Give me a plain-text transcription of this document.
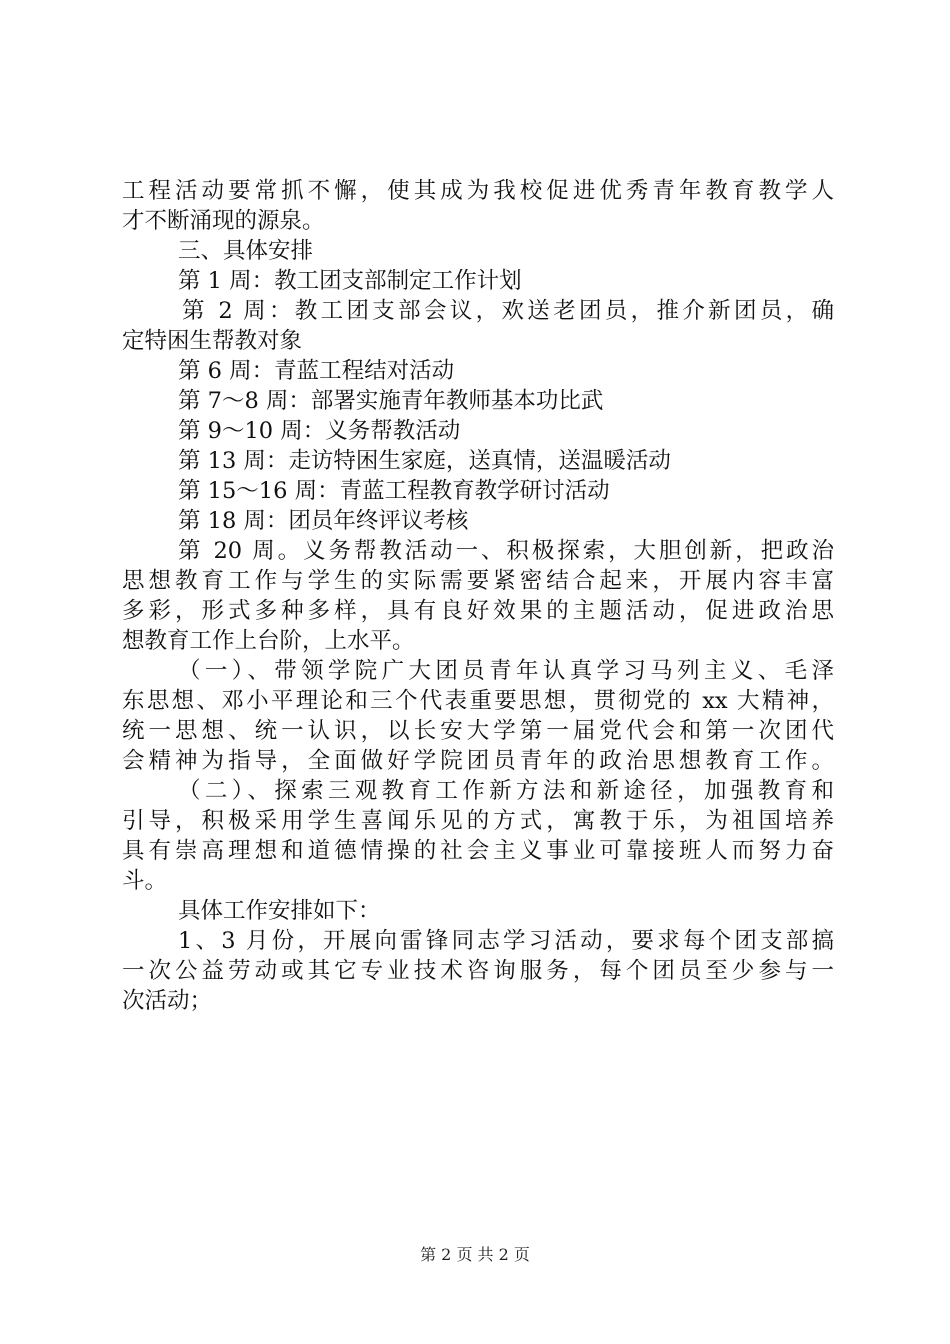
工程活动要常抓不懈，使其成为我校促进优秀青年教育教学人
才不断涌现的源泉。
三、具体安排
第 1 周：教工团支部制定工作计划
第 2 周：教工团支部会议，欢送老团员，推介新团员，确
定特困生帮教对象
第 6 周：青蓝工程结对活动
第 7～8 周：部署实施青年教师基本功比武
第 9～10 周：义务帮教活动
第 13 周：走访特困生家庭，送真情，送温暖活动
第 15～16 周：青蓝工程教育教学研讨活动
第 18 周：团员年终评议考核
第 20 周。义务帮教活动一、积极探索，大胆创新，把政治
思想教育工作与学生的实际需要紧密结合起来，开展内容丰富
多彩，形式多种多样，具有良好效果的主题活动，促进政治思
想教育工作上台阶，上水平。
（一）、带领学院广大团员青年认真学习马列主义、毛泽
东思想、邓小平理论和三个代表重要思想，贯彻党的 xx 大精神，
统一思想、统一认识，以长安大学第一届党代会和第一次团代
会精神为指导，全面做好学院团员青年的政治思想教育工作。
（二）、探索三观教育工作新方法和新途径，加强教育和
引导，积极采用学生喜闻乐见的方式，寓教于乐，为祖国培养
具有崇高理想和道德情操的社会主义事业可靠接班人而努力奋
斗。
具体工作安排如下：
1、3 月份，开展向雷锋同志学习活动，要求每个团支部搞
一次公益劳动或其它专业技术咨询服务，每个团员至少参与一
次活动；
第 2 页 共 2 页
